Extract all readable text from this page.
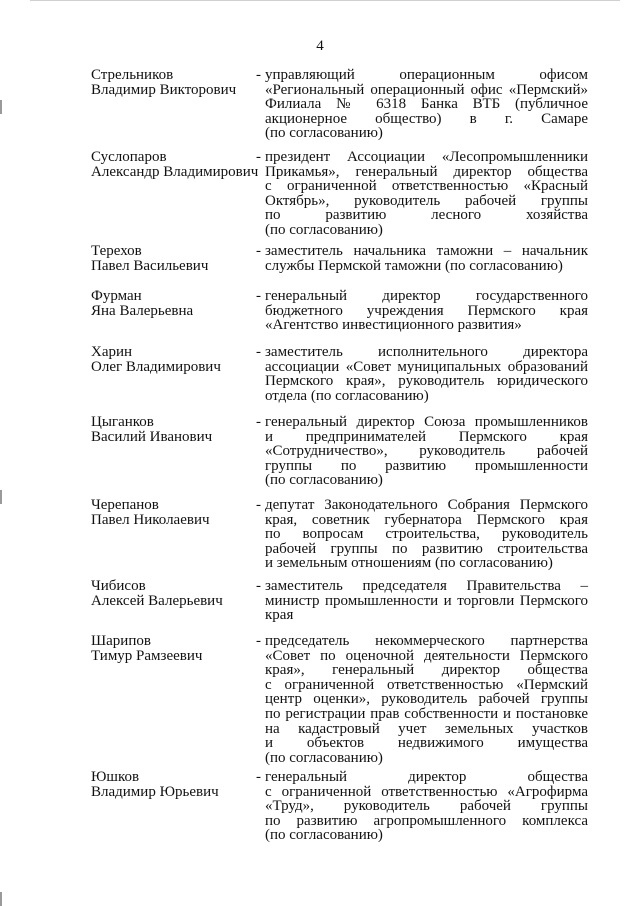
4
Стрельников
Владимир Викторович
- управляющий операционным офисом
«Региональный операционный офис «Пермский»
Филиала № 6318 Банка ВТБ (публичное
акционерное общество) в г. Самаре
(по согласованию)
Суслопаров
Александр Владимирович
- президент Ассоциации «Лесопромышленники
Прикамья», генеральный директор общества
с ограниченной ответственностью «Красный
Октябрь», руководитель рабочей группы
по развитию лесного хозяйства
(по согласованию)
Терехов
Павел Васильевич
- заместитель начальника таможни – начальник
службы Пермской таможни (по согласованию)
Фурман
Яна Валерьевна
- генеральный директор государственного
бюджетного учреждения Пермского края
«Агентство инвестиционного развития»
Харин
Олег Владимирович
- заместитель исполнительного директора
ассоциации «Совет муниципальных образований
Пермского края», руководитель юридического
отдела (по согласованию)
Цыганков
Василий Иванович
- генеральный директор Союза промышленников
и предпринимателей Пермского края
«Сотрудничество», руководитель рабочей
группы по развитию промышленности
(по согласованию)
Черепанов
Павел Николаевич
- депутат Законодательного Собрания Пермского
края, советник губернатора Пермского края
по вопросам строительства, руководитель
рабочей группы по развитию строительства
и земельным отношениям (по согласованию)
Чибисов
Алексей Валерьевич
- заместитель председателя Правительства –
министр промышленности и торговли Пермского
края
Шарипов
Тимур Рамзеевич
- председатель некоммерческого партнерства
«Совет по оценочной деятельности Пермского
края», генеральный директор общества
с ограниченной ответственностью «Пермский
центр оценки», руководитель рабочей группы
по регистрации прав собственности и постановке
на кадастровый учет земельных участков
и объектов недвижимого имущества
(по согласованию)
Юшков
Владимир Юрьевич
- генеральный директор общества
с ограниченной ответственностью «Агрофирма
«Труд», руководитель рабочей группы
по развитию агропромышленного комплекса
(по согласованию)
